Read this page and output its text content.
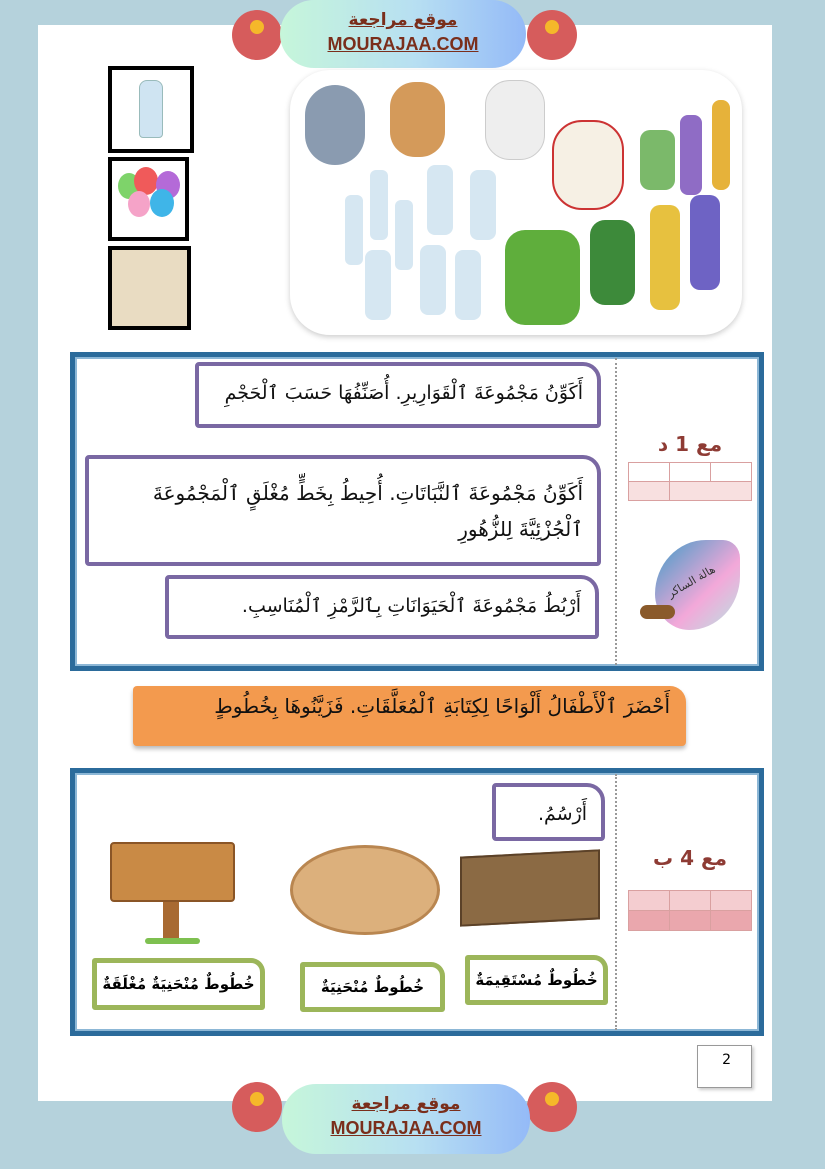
موقع مراجعة
MOURAJAA.COM
أَكَوِّنُ مَجْمُوعَةَ ٱلْقَوَارِيرِ. أُصَنِّفُهَا حَسَبَ ٱلْحَجْمِ
أَكَوِّنُ مَجْمُوعَةَ ٱلنَّبَاتَاتِ. أُحِيطُ بِخَطٍّ مُغْلَقٍ ٱلْمَجْمُوعَةَ ٱلْجُزْئِيَّةَ لِلزُّهُورِ
أَرْبُطُ مَجْمُوعَةَ ٱلْحَيَوَانَاتِ بِٱلرَّمْزِ ٱلْمُنَاسِبِ.
مع 1 د

هالة الساكر
أَحْضَرَ ٱلْأَطْفَالُ أَلْوَاحًا لِكِتَابَةِ ٱلْمُعَلَّقَاتِ. فَزَيَّنُوهَا بِخُطُوطٍ
أَرْسُمُ.
مع 4 ب

خُطُوطٌ مُنْحَنِيَةٌ مُغْلَقَةٌ	خُطُوطٌ مُنْحَنِيَةٌ	خُطُوطٌ مُسْتَقِيمَةٌ
2
موقع مراجعة
MOURAJAA.COM
